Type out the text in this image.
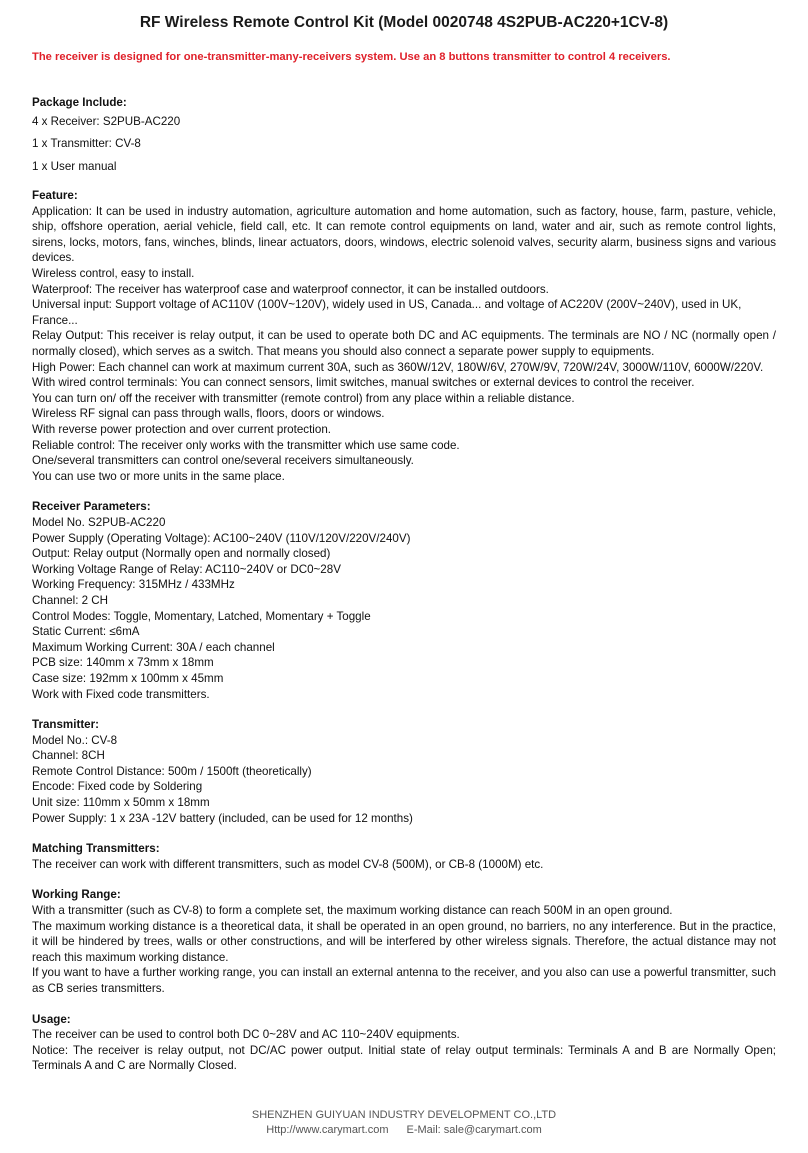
RF Wireless Remote Control Kit (Model 0020748 4S2PUB-AC220+1CV-8)
The receiver is designed for one-transmitter-many-receivers system. Use an 8 buttons transmitter to control 4 receivers.

Package Include:

4 x Receiver: S2PUB-AC220

1 x Transmitter: CV-8

1 x User manual

Feature:

Application: It can be used in industry automation, agriculture automation and home automation, such as factory, house, farm, pasture, vehicle, ship, offshore operation, aerial vehicle, field call, etc. It can remote control equipments on land, water and air, such as remote control lights, sirens, locks, motors, fans, winches, blinds, linear actuators, doors, windows, electric solenoid valves, security alarm, business signs and various devices.

Wireless control, easy to install.

Waterproof: The receiver has waterproof case and waterproof connector, it can be installed outdoors.

Universal input: Support voltage of AC110V (100V~120V), widely used in US, Canada... and voltage of AC220V (200V~240V), used in UK, France...

Relay Output: This receiver is relay output, it can be used to operate both DC and AC equipments. The terminals are NO / NC (normally open / normally closed), which serves as a switch. That means you should also connect a separate power supply to equipments.

High Power: Each channel can work at maximum current 30A, such as 360W/12V, 180W/6V, 270W/9V, 720W/24V, 3000W/110V, 6000W/220V.

With wired control terminals: You can connect sensors, limit switches, manual switches or external devices to control the receiver.

You can turn on/ off the receiver with transmitter (remote control) from any place within a reliable distance.

Wireless RF signal can pass through walls, floors, doors or windows.

With reverse power protection and over current protection.

Reliable control: The receiver only works with the transmitter which use same code.

One/several transmitters can control one/several receivers simultaneously.

You can use two or more units in the same place.

Receiver Parameters:

Model No. S2PUB-AC220

Power Supply (Operating Voltage): AC100~240V (110V/120V/220V/240V)

Output: Relay output (Normally open and normally closed)

Working Voltage Range of Relay: AC110~240V or DC0~28V

Working Frequency: 315MHz / 433MHz

Channel: 2 CH

Control Modes: Toggle, Momentary, Latched, Momentary + Toggle

Static Current: ≤6mA

Maximum Working Current: 30A / each channel

PCB size: 140mm x 73mm x 18mm

Case size: 192mm x 100mm x 45mm

Work with Fixed code transmitters.

Transmitter:

Model No.: CV-8

Channel: 8CH

Remote Control Distance: 500m / 1500ft (theoretically)

Encode: Fixed code by Soldering

Unit size: 110mm x 50mm x 18mm

Power Supply: 1 x 23A -12V battery (included, can be used for 12 months)

Matching Transmitters:

The receiver can work with different transmitters, such as model CV-8 (500M), or CB-8 (1000M) etc.

Working Range:

With a transmitter (such as CV-8) to form a complete set, the maximum working distance can reach 500M in an open ground.

The maximum working distance is a theoretical data, it shall be operated in an open ground, no barriers, no any interference. But in the practice, it will be hindered by trees, walls or other constructions, and will be interfered by other wireless signals. Therefore, the actual distance may not reach this maximum working distance.

If you want to have a further working range, you can install an external antenna to the receiver, and you also can use a powerful transmitter, such as CB series transmitters.

Usage:

The receiver can be used to control both DC 0~28V and AC 110~240V equipments.

Notice: The receiver is relay output, not DC/AC power output. Initial state of relay output terminals: Terminals A and B are Normally Open; Terminals A and C are Normally Closed.

SHENZHEN GUIYUAN INDUSTRY DEVELOPMENT CO.,LTD
Http://www.carymart.com E-Mail: sale@carymart.com
